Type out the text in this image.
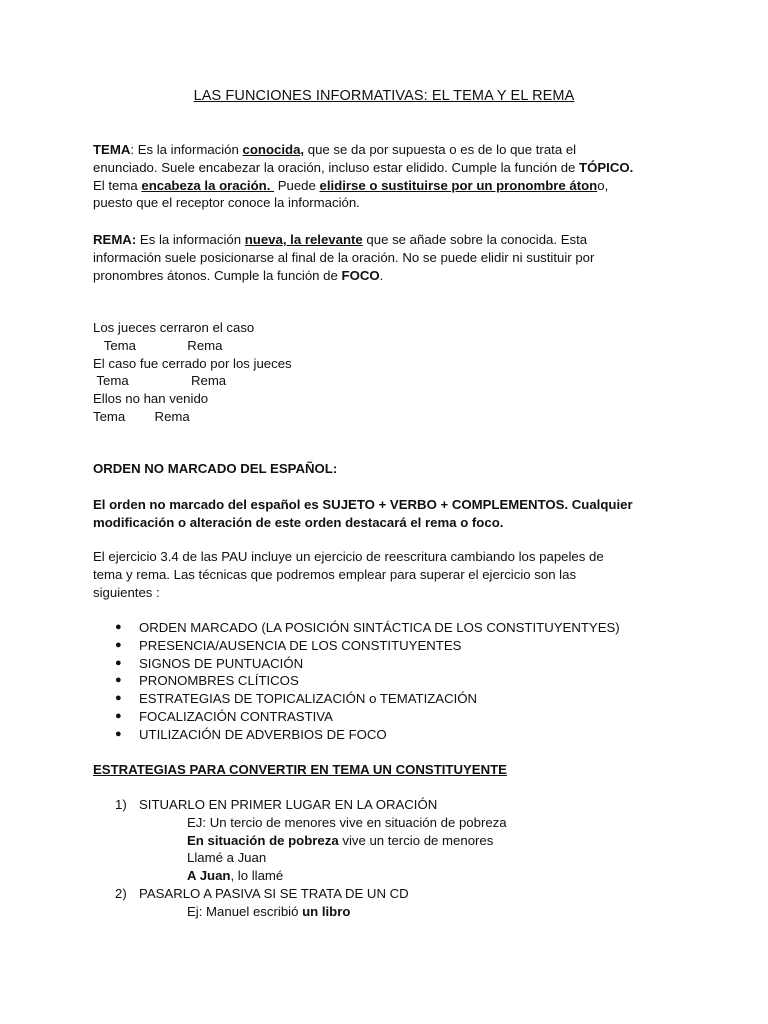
LAS FUNCIONES INFORMATIVAS: EL TEMA Y EL REMA
TEMA: Es la información conocida, que se da por supuesta o es de lo que trata el
enunciado. Suele encabezar la oración, incluso estar elidido. Cumple la función de TÓPICO.
El tema encabeza la oración.  Puede elidirse o sustituirse por un pronombre átono,
puesto que el receptor conoce la información.
REMA: Es la información nueva, la relevante que se añade sobre la conocida. Esta
información suele posicionarse al final de la oración. No se puede elidir ni sustituir por
pronombres átonos. Cumple la función de FOCO.
Los jueces cerraron el caso
Tema              Rema
El caso fue cerrado por los jueces
Tema                 Rema
Ellos no han venido
Tema        Rema
ORDEN NO MARCADO DEL ESPAÑOL:
El orden no marcado del español es SUJETO + VERBO + COMPLEMENTOS. Cualquier
modificación o alteración de este orden destacará el rema o foco.
El ejercicio 3.4 de las PAU incluye un ejercicio de reescritura cambiando los papeles de
tema y rema. Las técnicas que podremos emplear para superar el ejercicio son las
siguientes :
● ORDEN MARCADO (LA POSICIÓN SINTÁCTICA DE LOS CONSTITUYENTYES)
● PRESENCIA/AUSENCIA DE LOS CONSTITUYENTES
● SIGNOS DE PUNTUACIÓN
● PRONOMBRES CLÍTICOS
● ESTRATEGIAS DE TOPICALIZACIÓN o TEMATIZACIÓN
● FOCALIZACIÓN CONTRASTIVA
● UTILIZACIÓN DE ADVERBIOS DE FOCO
ESTRATEGIAS PARA CONVERTIR EN TEMA UN CONSTITUYENTE
1) SITUARLO EN PRIMER LUGAR EN LA ORACIÓN
EJ: Un tercio de menores vive en situación de pobreza
En situación de pobreza vive un tercio de menores
Llamé a Juan
A Juan, lo llamé
2) PASARLO A PASIVA SI SE TRATA DE UN CD
Ej: Manuel escribió un libro
